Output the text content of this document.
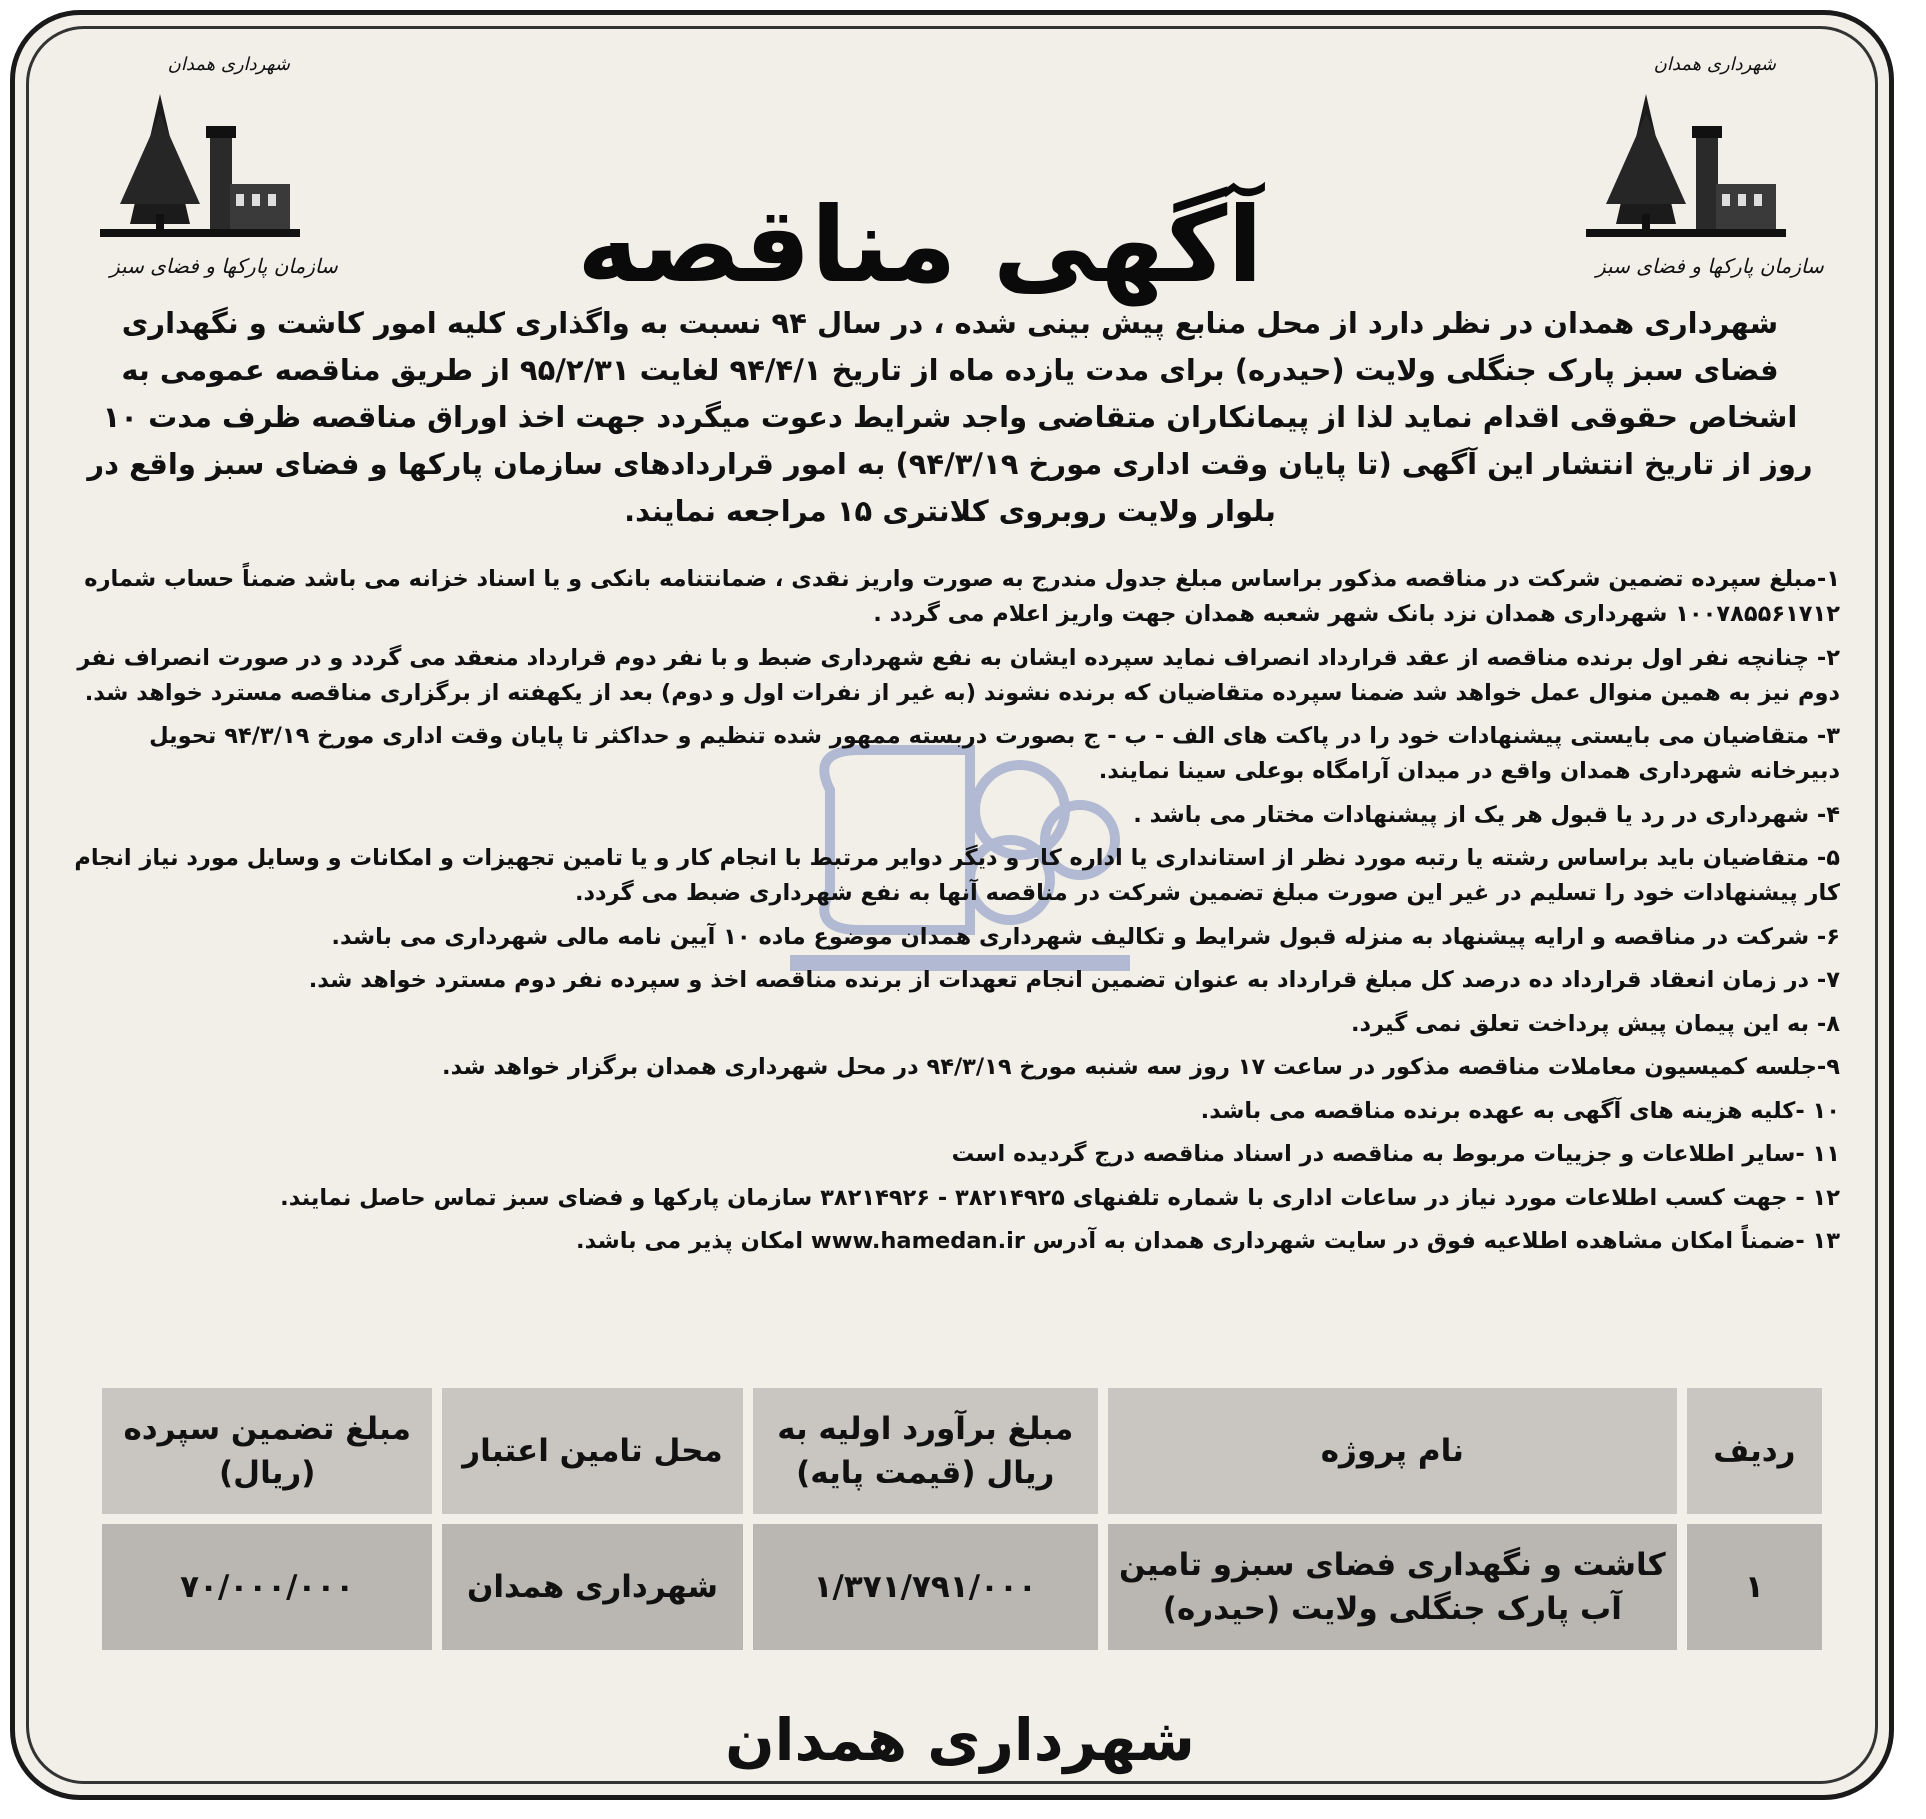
شهرداری همدان
سازمان پارکها و فضای سبز
شهرداری همدان
سازمان پارکها و فضای سبز
آگهی مناقصه

شهرداری همدان در نظر دارد از محل منابع پیش بینی شده ، در سال ۹۴ نسبت به واگذاری کلیه امور کاشت و نگهداری فضای سبز پارک جنگلی ولایت (حیدره) برای مدت یازده ماه از تاریخ ۹۴/۴/۱ لغایت ۹۵/۲/۳۱ از طریق مناقصه عمومی به اشخاص حقوقی اقدام نماید لذا از پیمانکاران متقاضی واجد شرایط دعوت میگردد جهت اخذ اوراق مناقصه ظرف مدت ۱۰ روز از تاریخ انتشار این آگهی (تا پایان وقت اداری مورخ ۹۴/۳/۱۹) به امور قراردادهای سازمان پارکها و فضای سبز واقع در بلوار ولایت روبروی کلانتری ۱۵ مراجعه نمایند.

۱-مبلغ سپرده تضمین شرکت در مناقصه مذکور براساس مبلغ جدول مندرج به صورت واریز نقدی ، ضمانتنامه بانکی و یا اسناد خزانه می باشد ضمناً حساب شماره ۱۰۰۷۸۵۵۶۱۷۱۲ شهرداری همدان نزد بانک شهر شعبه همدان جهت واریز اعلام می گردد .
۲- چنانچه نفر اول برنده مناقصه از عقد قرارداد انصراف نماید سپرده ایشان به نفع شهرداری ضبط و با نفر دوم قرارداد منعقد می گردد و در صورت انصراف نفر دوم نیز به همین منوال عمل خواهد شد ضمنا سپرده متقاضیان که برنده نشوند (به غیر از نفرات اول و دوم) بعد از یکهفته از برگزاری مناقصه مسترد خواهد شد.
۳- متقاضیان می بایستی پیشنهادات خود را در پاکت های الف - ب - ج بصورت دربسته ممهور شده تنظیم و حداکثر تا پایان وقت اداری مورخ ۹۴/۳/۱۹ تحویل دبیرخانه شهرداری همدان واقع در میدان آرامگاه بوعلی سینا نمایند.
۴- شهرداری در رد یا قبول هر یک از پیشنهادات مختار می باشد .
۵- متقاضیان باید براساس رشته یا رتبه مورد نظر از استانداری یا اداره کار و دیگر دوایر مرتبط با انجام کار و یا تامین تجهیزات و امکانات و وسایل مورد نیاز انجام کار پیشنهادات خود را تسلیم در غیر این صورت مبلغ تضمین شرکت در مناقصه آنها به نفع شهرداری ضبط می گردد.
۶- شرکت در مناقصه و ارایه پیشنهاد به منزله قبول شرایط و تکالیف شهرداری همدان موضوع ماده ۱۰ آیین نامه مالی شهرداری می باشد.
۷- در زمان انعقاد قرارداد ده درصد کل مبلغ قرارداد به عنوان تضمین انجام تعهدات از برنده مناقصه اخذ و سپرده نفر دوم مسترد خواهد شد.
۸- به این پیمان پیش پرداخت تعلق نمی گیرد.
۹-جلسه کمیسیون معاملات مناقصه مذکور در ساعت ۱۷ روز سه شنبه مورخ ۹۴/۳/۱۹ در محل شهرداری همدان برگزار خواهد شد.
۱۰ -کلیه هزینه های آگهی به عهده برنده مناقصه می باشد.
۱۱ -سایر اطلاعات و جزییات مربوط به مناقصه در اسناد مناقصه درج گردیده است
۱۲ - جهت کسب اطلاعات مورد نیاز در ساعات اداری با شماره تلفنهای ۳۸۲۱۴۹۲۵ - ۳۸۲۱۴۹۲۶ سازمان پارکها و فضای سبز تماس حاصل نمایند.
۱۳ -ضمناً امکان مشاهده اطلاعیه فوق در سایت شهرداری همدان به آدرس www.hamedan.ir امکان پذیر می باشد.
ردیف	نام پروژه	مبلغ برآورد اولیه به ریال (قیمت پایه)	محل تامین اعتبار	مبلغ تضمین سپرده (ریال)
۱	کاشت و نگهداری فضای سبزو تامین آب پارک جنگلی ولایت (حیدره)	۱/۳۷۱/۷۹۱/۰۰۰	شهرداری همدان	۷۰/۰۰۰/۰۰۰
شهرداری همدان
